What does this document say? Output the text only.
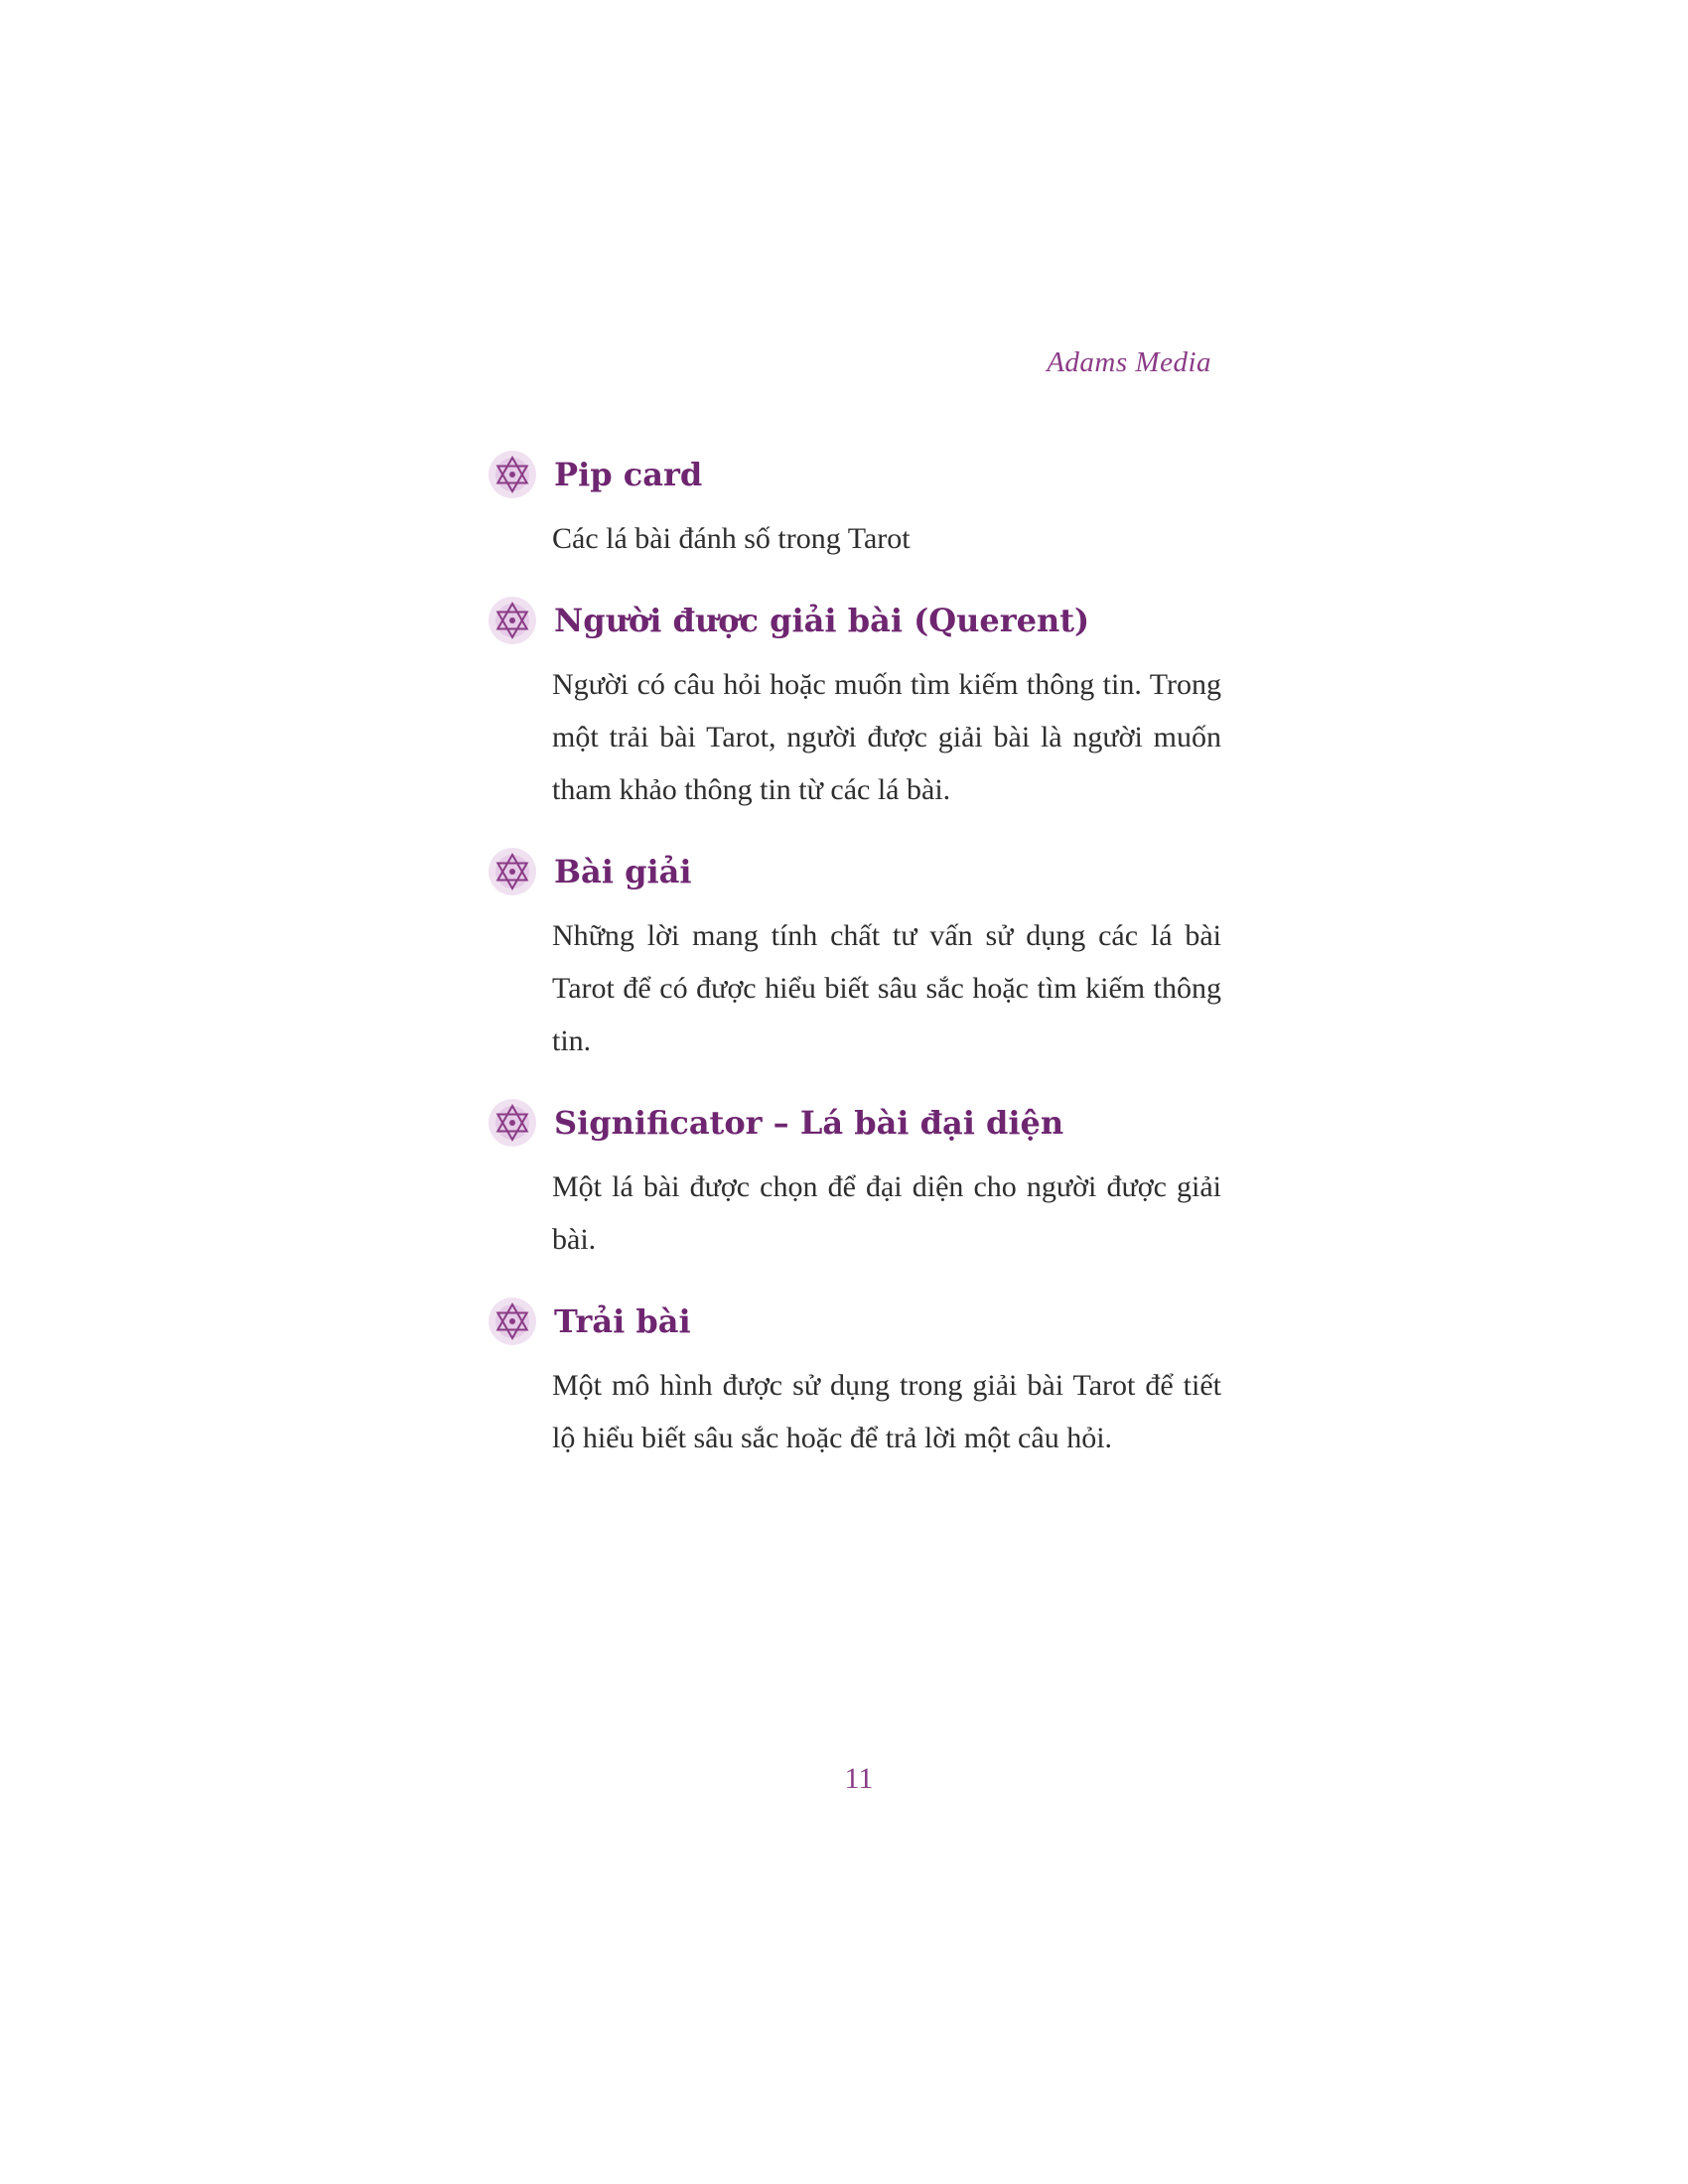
Adams Media
Pip card
Các lá bài đánh số trong Tarot
Người được giải bài (Querent)
Người có câu hỏi hoặc muốn tìm kiếm thông tin. Trong một trải bài Tarot, người được giải bài là người muốn tham khảo thông tin từ các lá bài.
Bài giải
Những lời mang tính chất tư vấn sử dụng các lá bài Tarot để có được hiểu biết sâu sắc hoặc tìm kiếm thông tin.
Significator – Lá bài đại diện
Một lá bài được chọn để đại diện cho người được giải bài.
Trải bài
Một mô hình được sử dụng trong giải bài Tarot để tiết lộ hiểu biết sâu sắc hoặc để trả lời một câu hỏi.
11
